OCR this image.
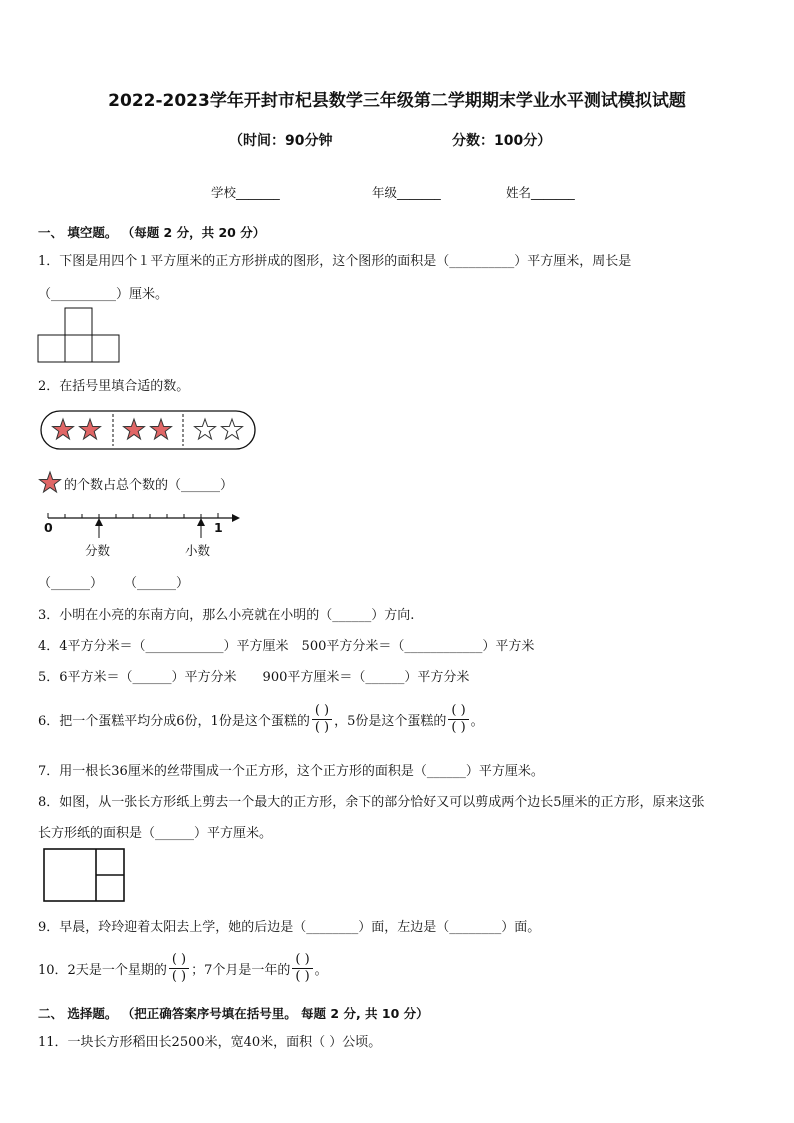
2022-2023学年开封市杞县数学三年级第二学期期末学业水平测试模拟试题
（时间：90分钟	分数：100分）
学校_______	年级_______	姓名_______
一、 填空题。 （每题 2 分，共 20 分）
1．下图是用四个１平方厘米的正方形拼成的图形，这个图形的面积是（__________）平方厘米，周长是
（__________）厘米。
2．在括号里填合适的数。
的个数占总个数的（______）
0	1
分数	小数
（______） （______）
3．小明在小亮的东南方向，那么小亮就在小明的（______）方向.
4．4平方分米＝（____________）平方厘米　500平方分米＝（____________）平方米
5．6平方米＝（______）平方分米　　900平方厘米＝（______）平方分米
6．把一个蛋糕平均分成6份，1份是这个蛋糕的 $\frac{( )}{( )}$ ，5份是这个蛋糕的 $\frac{( )}{( )}$ 。
7．用一根长36厘米的丝带围成一个正方形，这个正方形的面积是（______）平方厘米。
8．如图，从一张长方形纸上剪去一个最大的正方形，余下的部分恰好又可以剪成两个边长5厘米的正方形，原来这张
长方形纸的面积是（______）平方厘米。
9．早晨，玲玲迎着太阳去上学，她的后边是（________）面，左边是（________）面。
10．2天是一个星期的 $\frac{( )}{( )}$ ；7个月是一年的 $\frac{( )}{( )}$ 。
二、 选择题。 （把正确答案序号填在括号里。 每题 2 分, 共 10 分）
11．一块长方形稻田长2500米，宽40米，面积（ ）公顷。
